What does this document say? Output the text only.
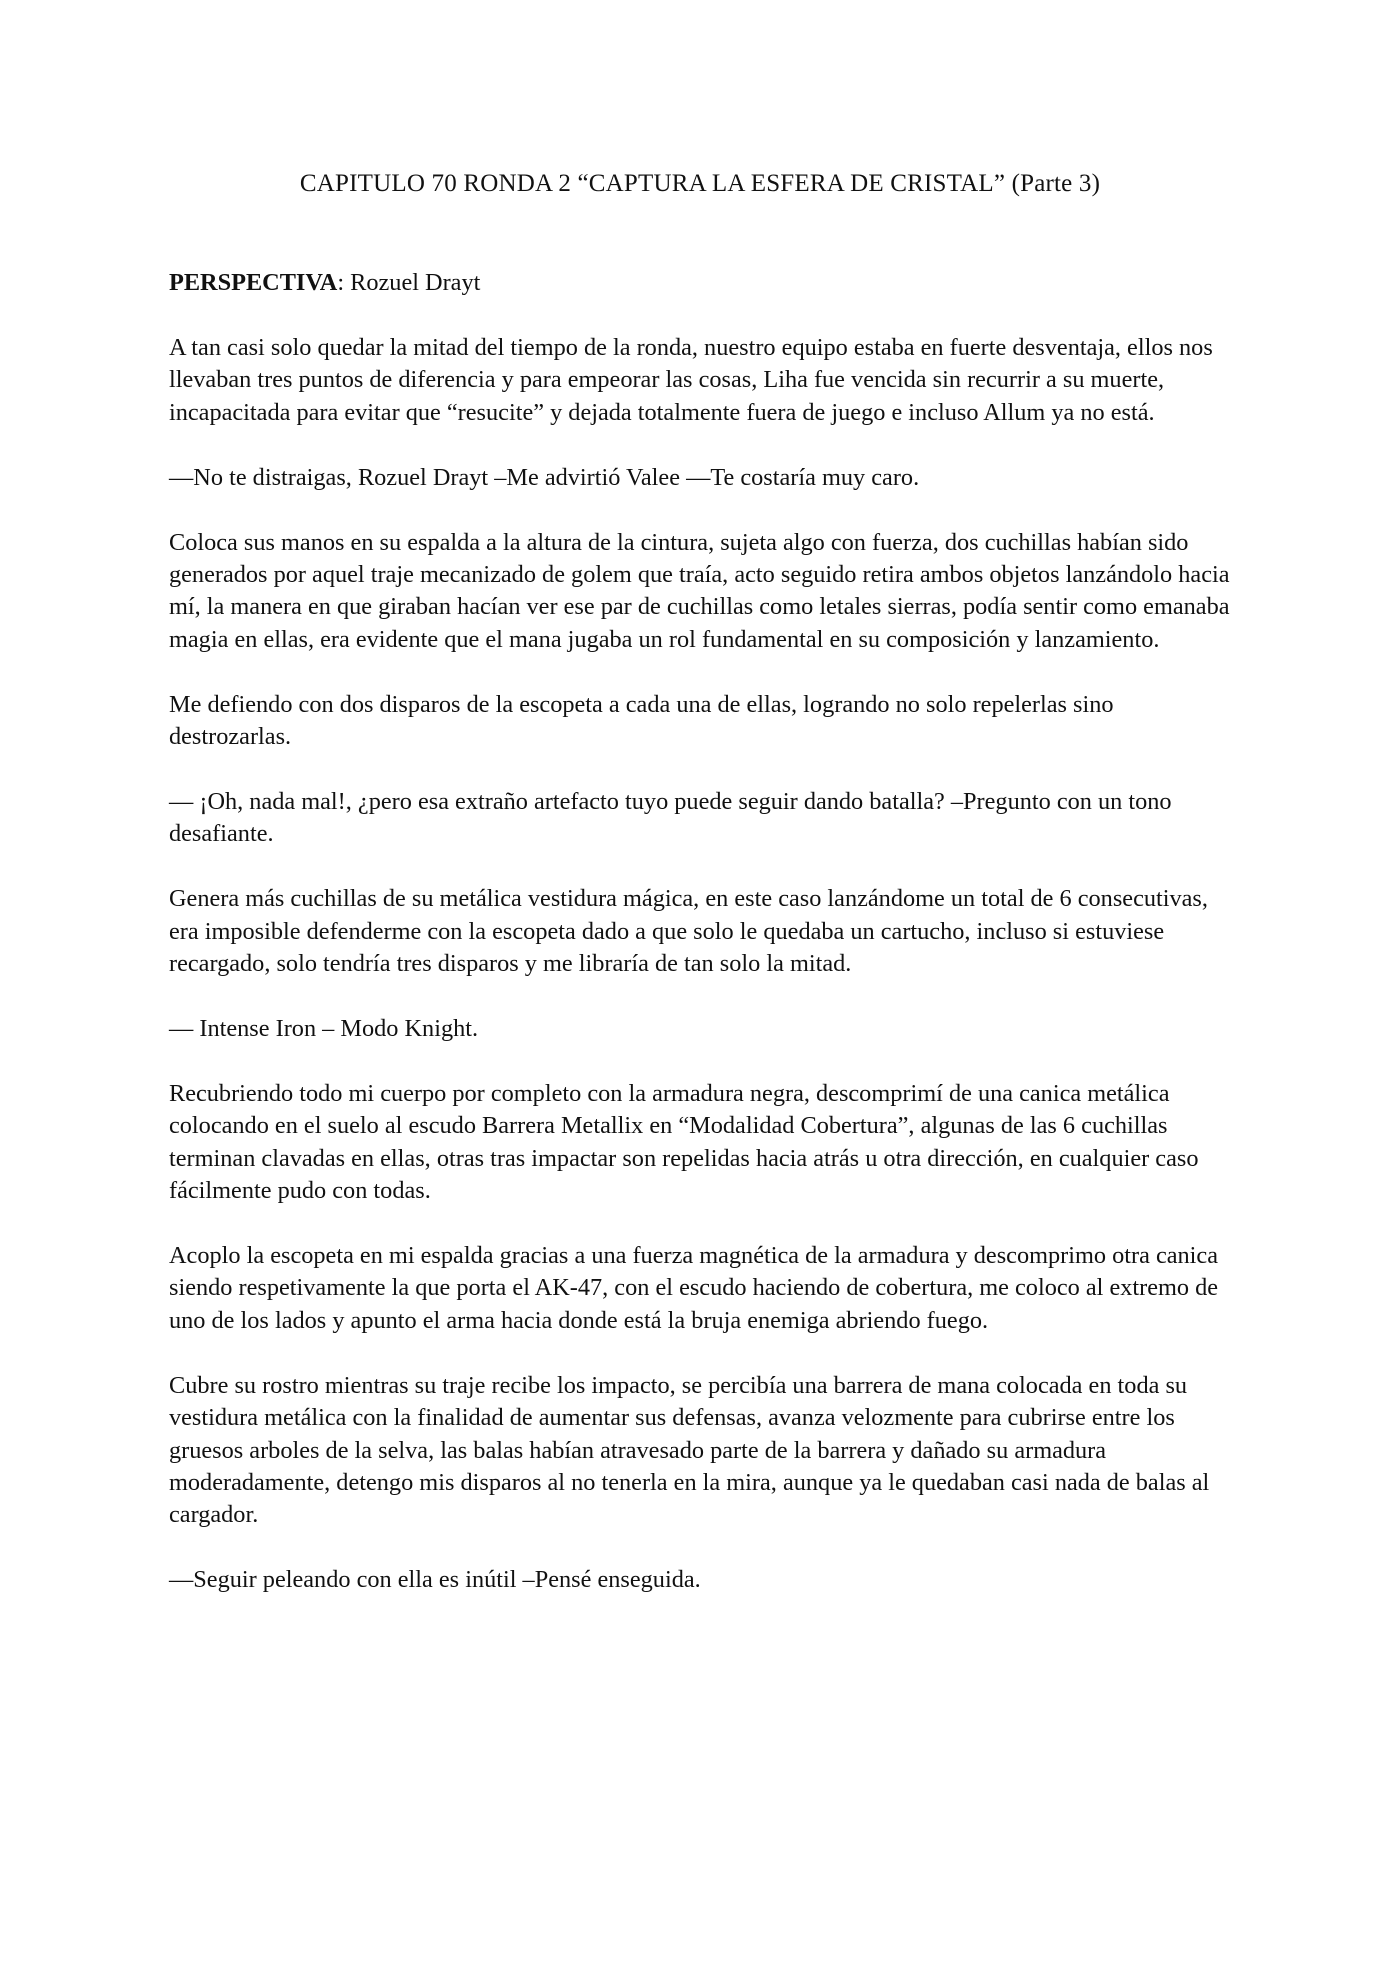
CAPITULO 70 RONDA 2 “CAPTURA LA ESFERA DE CRISTAL” (Parte 3)

PERSPECTIVA: Rozuel Drayt

A tan casi solo quedar la mitad del tiempo de la ronda, nuestro equipo estaba en fuerte desventaja, ellos nos llevaban tres puntos de diferencia y para empeorar las cosas, Liha fue vencida sin recurrir a su muerte, incapacitada para evitar que “resucite” y dejada totalmente fuera de juego e incluso Allum ya no está.

—No te distraigas, Rozuel Drayt –Me advirtió Valee —Te costaría muy caro.

Coloca sus manos en su espalda a la altura de la cintura, sujeta algo con fuerza, dos cuchillas habían sido generados por aquel traje mecanizado de golem que traía, acto seguido retira ambos objetos lanzándolo hacia mí, la manera en que giraban hacían ver ese par de cuchillas como letales sierras, podía sentir como emanaba magia en ellas, era evidente que el mana jugaba un rol fundamental en su composición y lanzamiento.

Me defiendo con dos disparos de la escopeta a cada una de ellas, logrando no solo repelerlas sino destrozarlas.

— ¡Oh, nada mal!, ¿pero esa extraño artefacto tuyo puede seguir dando batalla? –Pregunto con un tono desafiante.

Genera más cuchillas de su metálica vestidura mágica, en este caso lanzándome un total de 6 consecutivas, era imposible defenderme con la escopeta dado a que solo le quedaba un cartucho, incluso si estuviese recargado, solo tendría tres disparos y me libraría de tan solo la mitad.

— Intense Iron – Modo Knight.

Recubriendo todo mi cuerpo por completo con la armadura negra, descomprimí de una canica metálica colocando en el suelo al escudo Barrera Metallix en “Modalidad Cobertura”, algunas de las 6 cuchillas terminan clavadas en ellas, otras tras impactar son repelidas hacia atrás u otra dirección, en cualquier caso fácilmente pudo con todas.

Acoplo la escopeta en mi espalda gracias a una fuerza magnética de la armadura y descomprimo otra canica siendo respetivamente la que porta el AK-47, con el escudo haciendo de cobertura, me coloco al extremo de uno de los lados y apunto el arma hacia donde está la bruja enemiga abriendo fuego.

Cubre su rostro mientras su traje recibe los impacto, se percibía una barrera de mana colocada en toda su vestidura metálica con la finalidad de aumentar sus defensas, avanza velozmente para cubrirse entre los gruesos arboles de la selva, las balas habían atravesado parte de la barrera y dañado su armadura moderadamente, detengo mis disparos al no tenerla en la mira, aunque ya le quedaban casi nada de balas al cargador.

—Seguir peleando con ella es inútil –Pensé enseguida.
